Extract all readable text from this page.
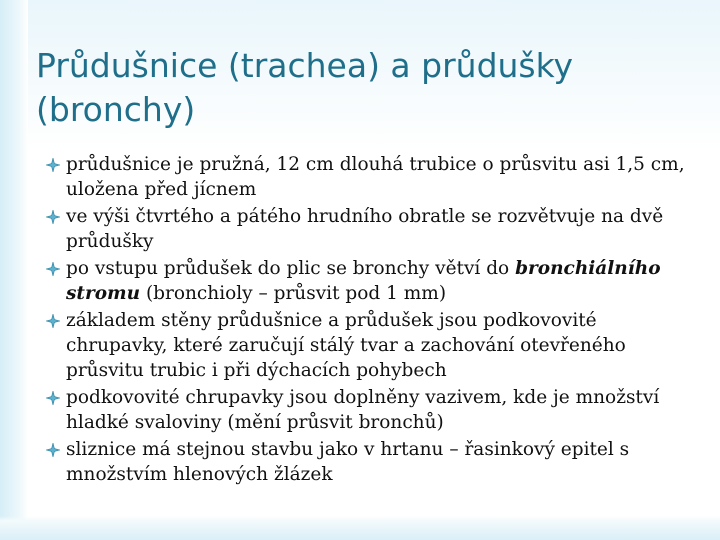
Průdušnice (trachea) a průdušky (bronchy)
průdušnice je pružná, 12 cm dlouhá trubice o průsvitu asi 1,5 cm, uložena před jícnem
ve výši čtvrtého a pátého hrudního obratle se rozvětvuje na dvě průdušky
po vstupu průdušek do plic se bronchy větví do bronchiálního stromu (bronchioly – průsvit pod 1 mm)
základem stěny průdušnice a průdušek jsou podkovovité chrupavky, které zaručují stálý tvar a zachování otevřeného průsvitu trubic i při dýchacích pohybech
podkovovité chrupavky jsou doplněny vazivem, kde je množství hladké svaloviny (mění průsvit bronchů)
sliznice má stejnou stavbu jako v hrtanu – řasinkový epitel s množstvím hlenových žlázek
